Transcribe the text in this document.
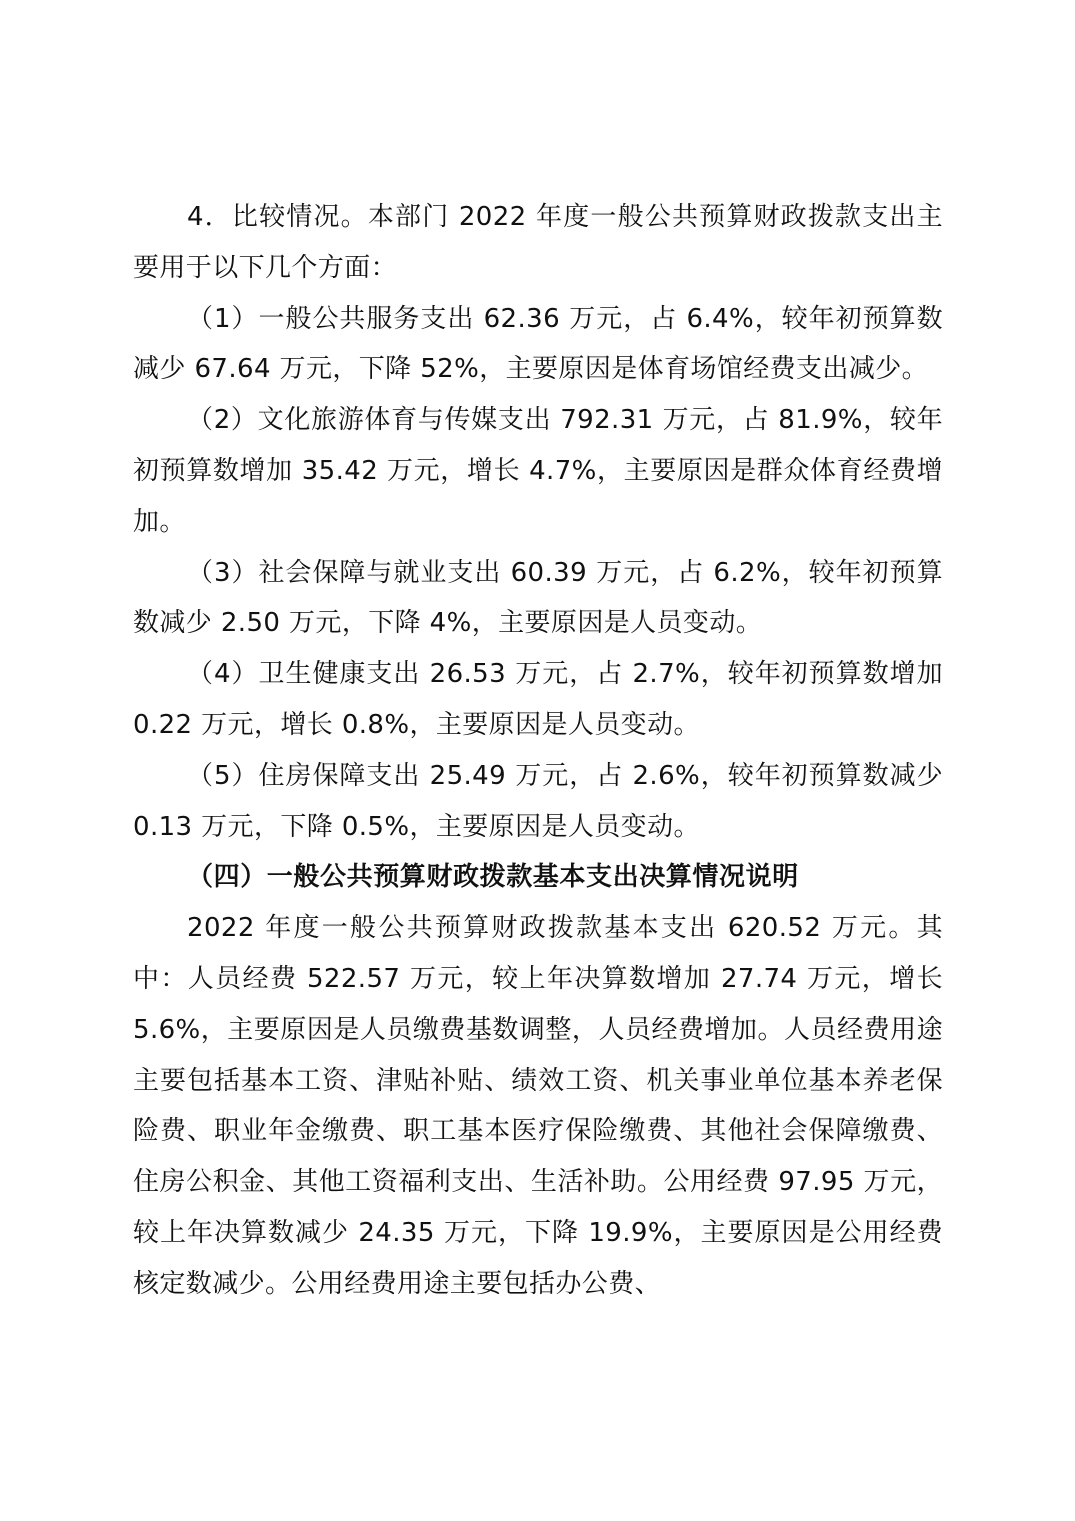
4．比较情况。本部门 2022 年度一般公共预算财政拨款支出主要用于以下几个方面：

（1）一般公共服务支出 62.36 万元，占 6.4%，较年初预算数减少 67.64 万元，下降 52%，主要原因是体育场馆经费支出减少。

（2）文化旅游体育与传媒支出 792.31 万元，占 81.9%，较年初预算数增加 35.42 万元，增长 4.7%，主要原因是群众体育经费增加。

（3）社会保障与就业支出 60.39 万元，占 6.2%，较年初预算数减少 2.50 万元，下降 4%，主要原因是人员变动。

（4）卫生健康支出 26.53 万元，占 2.7%，较年初预算数增加 0.22 万元，增长 0.8%，主要原因是人员变动。

（5）住房保障支出 25.49 万元，占 2.6%，较年初预算数减少 0.13 万元，下降 0.5%，主要原因是人员变动。

（四）一般公共预算财政拨款基本支出决算情况说明

2022 年度一般公共预算财政拨款基本支出 620.52 万元。其中：人员经费 522.57 万元，较上年决算数增加 27.74 万元，增长 5.6%，主要原因是人员缴费基数调整，人员经费增加。人员经费用途主要包括基本工资、津贴补贴、绩效工资、机关事业单位基本养老保险费、职业年金缴费、职工基本医疗保险缴费、其他社会保障缴费、住房公积金、其他工资福利支出、生活补助。公用经费 97.95 万元，较上年决算数减少 24.35 万元，下降 19.9%，主要原因是公用经费核定数减少。公用经费用途主要包括办公费、
